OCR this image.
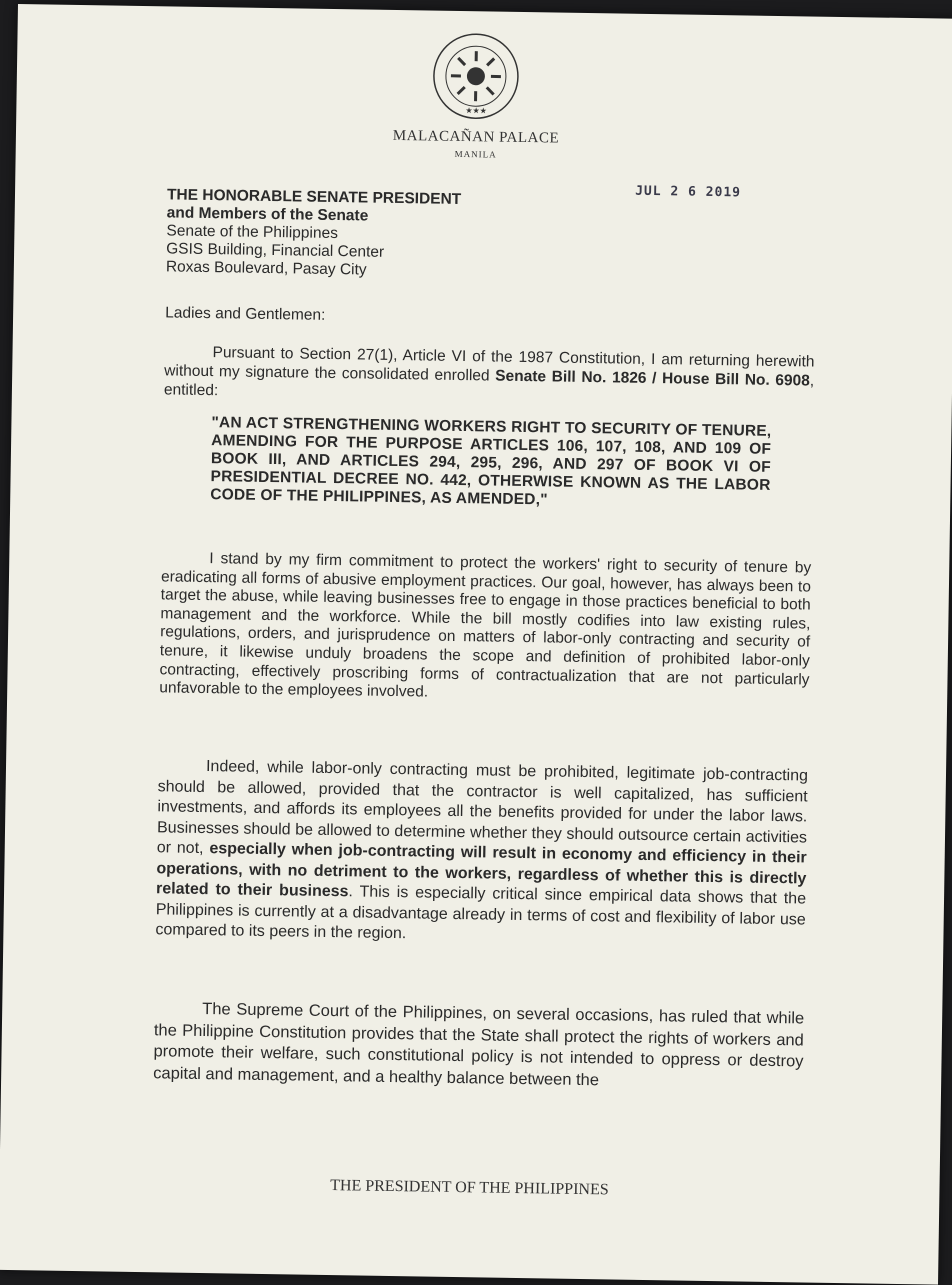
★★★
MALACAÑAN PALACE
MANILA
JUL 2 6 2019
THE HONORABLE SENATE PRESIDENT
and Members of the Senate
Senate of the Philippines
GSIS Building, Financial Center
Roxas Boulevard, Pasay City
Ladies and Gentlemen:
Pursuant to Section 27(1), Article VI of the 1987 Constitution, I am returning herewith without my signature the consolidated enrolled Senate Bill No. 1826 / House Bill No. 6908, entitled:
"AN ACT STRENGTHENING WORKERS RIGHT TO SECURITY OF TENURE, AMENDING FOR THE PURPOSE ARTICLES 106, 107, 108, AND 109 OF BOOK III, AND ARTICLES 294, 295, 296, AND 297 OF BOOK VI OF PRESIDENTIAL DECREE NO. 442, OTHERWISE KNOWN AS THE LABOR CODE OF THE PHILIPPINES, AS AMENDED,"
I stand by my firm commitment to protect the workers' right to security of tenure by eradicating all forms of abusive employment practices. Our goal, however, has always been to target the abuse, while leaving businesses free to engage in those practices beneficial to both management and the workforce. While the bill mostly codifies into law existing rules, regulations, orders, and jurisprudence on matters of labor-only contracting and security of tenure, it likewise unduly broadens the scope and definition of prohibited labor-only contracting, effectively proscribing forms of contractualization that are not particularly unfavorable to the employees involved.
Indeed, while labor-only contracting must be prohibited, legitimate job-contracting should be allowed, provided that the contractor is well capitalized, has sufficient investments, and affords its employees all the benefits provided for under the labor laws. Businesses should be allowed to determine whether they should outsource certain activities or not, especially when job-contracting will result in economy and efficiency in their operations, with no detriment to the workers, regardless of whether this is directly related to their business. This is especially critical since empirical data shows that the Philippines is currently at a disadvantage already in terms of cost and flexibility of labor use compared to its peers in the region.
The Supreme Court of the Philippines, on several occasions, has ruled that while the Philippine Constitution provides that the State shall protect the rights of workers and promote their welfare, such constitutional policy is not intended to oppress or destroy capital and management, and a healthy balance between the
THE PRESIDENT OF THE PHILIPPINES
